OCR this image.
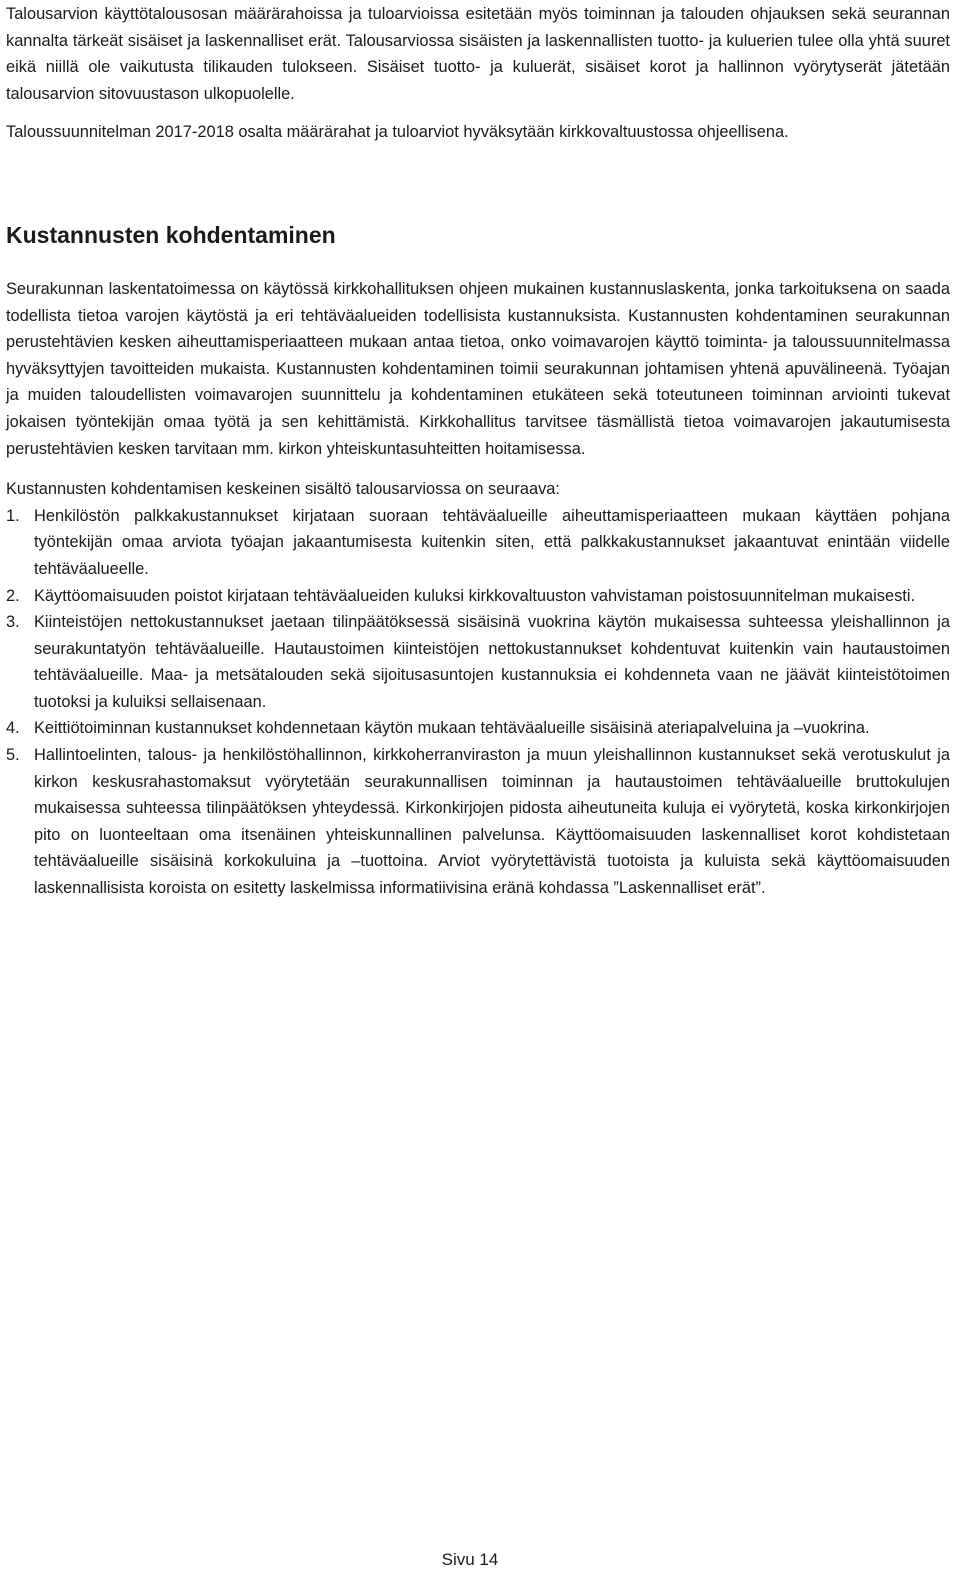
Talousarvion käyttötalousosan määrärahoissa ja tuloarvioissa esitetään myös toiminnan ja talouden ohjauksen sekä seurannan kannalta tärkeät sisäiset ja laskennalliset erät. Talousarviossa sisäisten ja laskennallisten tuotto- ja kuluerien tulee olla yhtä suuret eikä niillä ole vaikutusta tilikauden tulokseen. Sisäiset tuotto- ja kuluerät, sisäiset korot ja hallinnon vyörytyserät jätetään talousarvion sitovuustason ulkopuolelle.

Taloussuunnitelman 2017-2018 osalta määrärahat ja tuloarviot hyväksytään kirkkovaltuustossa ohjeellisena.

Kustannusten kohdentaminen

Seurakunnan laskentatoimessa on käytössä kirkkohallituksen ohjeen mukainen kustannuslaskenta, jonka tarkoituksena on saada todellista tietoa varojen käytöstä ja eri tehtäväalueiden todellisista kustannuksista. Kustannusten kohdentaminen seurakunnan perustehtävien kesken aiheuttamisperiaatteen mukaan antaa tietoa, onko voimavarojen käyttö toiminta- ja taloussuunnitelmassa hyväksyttyjen tavoitteiden mukaista. Kustannusten kohdentaminen toimii seurakunnan johtamisen yhtenä apuvälineenä. Työajan ja muiden taloudellisten voimavarojen suunnittelu ja kohdentaminen etukäteen sekä toteutuneen toiminnan arviointi tukevat jokaisen työntekijän omaa työtä ja sen kehittämistä. Kirkkohallitus tarvitsee täsmällistä tietoa voimavarojen jakautumisesta perustehtävien kesken tarvitaan mm. kirkon yhteiskuntasuhteitten hoitamisessa.

Kustannusten kohdentamisen keskeinen sisältö talousarviossa on seuraava:

1. Henkilöstön palkkakustannukset kirjataan suoraan tehtäväalueille aiheuttamisperiaatteen mukaan käyttäen pohjana työntekijän omaa arviota työajan jakaantumisesta kuitenkin siten, että palkkakustannukset jakaantuvat enintään viidelle tehtäväalueelle.
2. Käyttöomaisuuden poistot kirjataan tehtäväalueiden kuluksi kirkkovaltuuston vahvistaman poistosuunnitelman mukaisesti.
3. Kiinteistöjen nettokustannukset jaetaan tilinpäätöksessä sisäisinä vuokrina käytön mukaisessa suhteessa yleishallinnon ja seurakuntatyön tehtäväalueille. Hautaustoimen kiinteistöjen nettokustannukset kohdentuvat kuitenkin vain hautaustoimen tehtäväalueille. Maa- ja metsätalouden sekä sijoitusasuntojen kustannuksia ei kohdenneta vaan ne jäävät kiinteistötoimen tuotoksi ja kuluiksi sellaisenaan.
4. Keittiötoiminnan kustannukset kohdennetaan käytön mukaan tehtäväalueille sisäisinä ateriapalveluina ja –vuokrina.
5. Hallintoelinten, talous- ja henkilöstöhallinnon, kirkkoherranviraston ja muun yleishallinnon kustannukset sekä verotuskulut ja kirkon keskusrahastomaksut vyörytetään seurakunnallisen toiminnan ja hautaustoimen tehtäväalueille bruttokulujen mukaisessa suhteessa tilinpäätöksen yhteydessä. Kirkonkirjojen pidosta aiheutuneita kuluja ei vyörytetä, koska kirkonkirjojen pito on luonteeltaan oma itsenäinen yhteiskunnallinen palvelunsa. Käyttöomaisuuden laskennalliset korot kohdistetaan tehtäväalueille sisäisinä korkokuluina ja –tuottoina. Arviot vyörytettävistä tuotoista ja kuluista sekä käyttöomaisuuden laskennallisista koroista on esitetty laskelmissa informatiivisina eränä kohdassa ”Laskennalliset erät”.
Sivu 14
